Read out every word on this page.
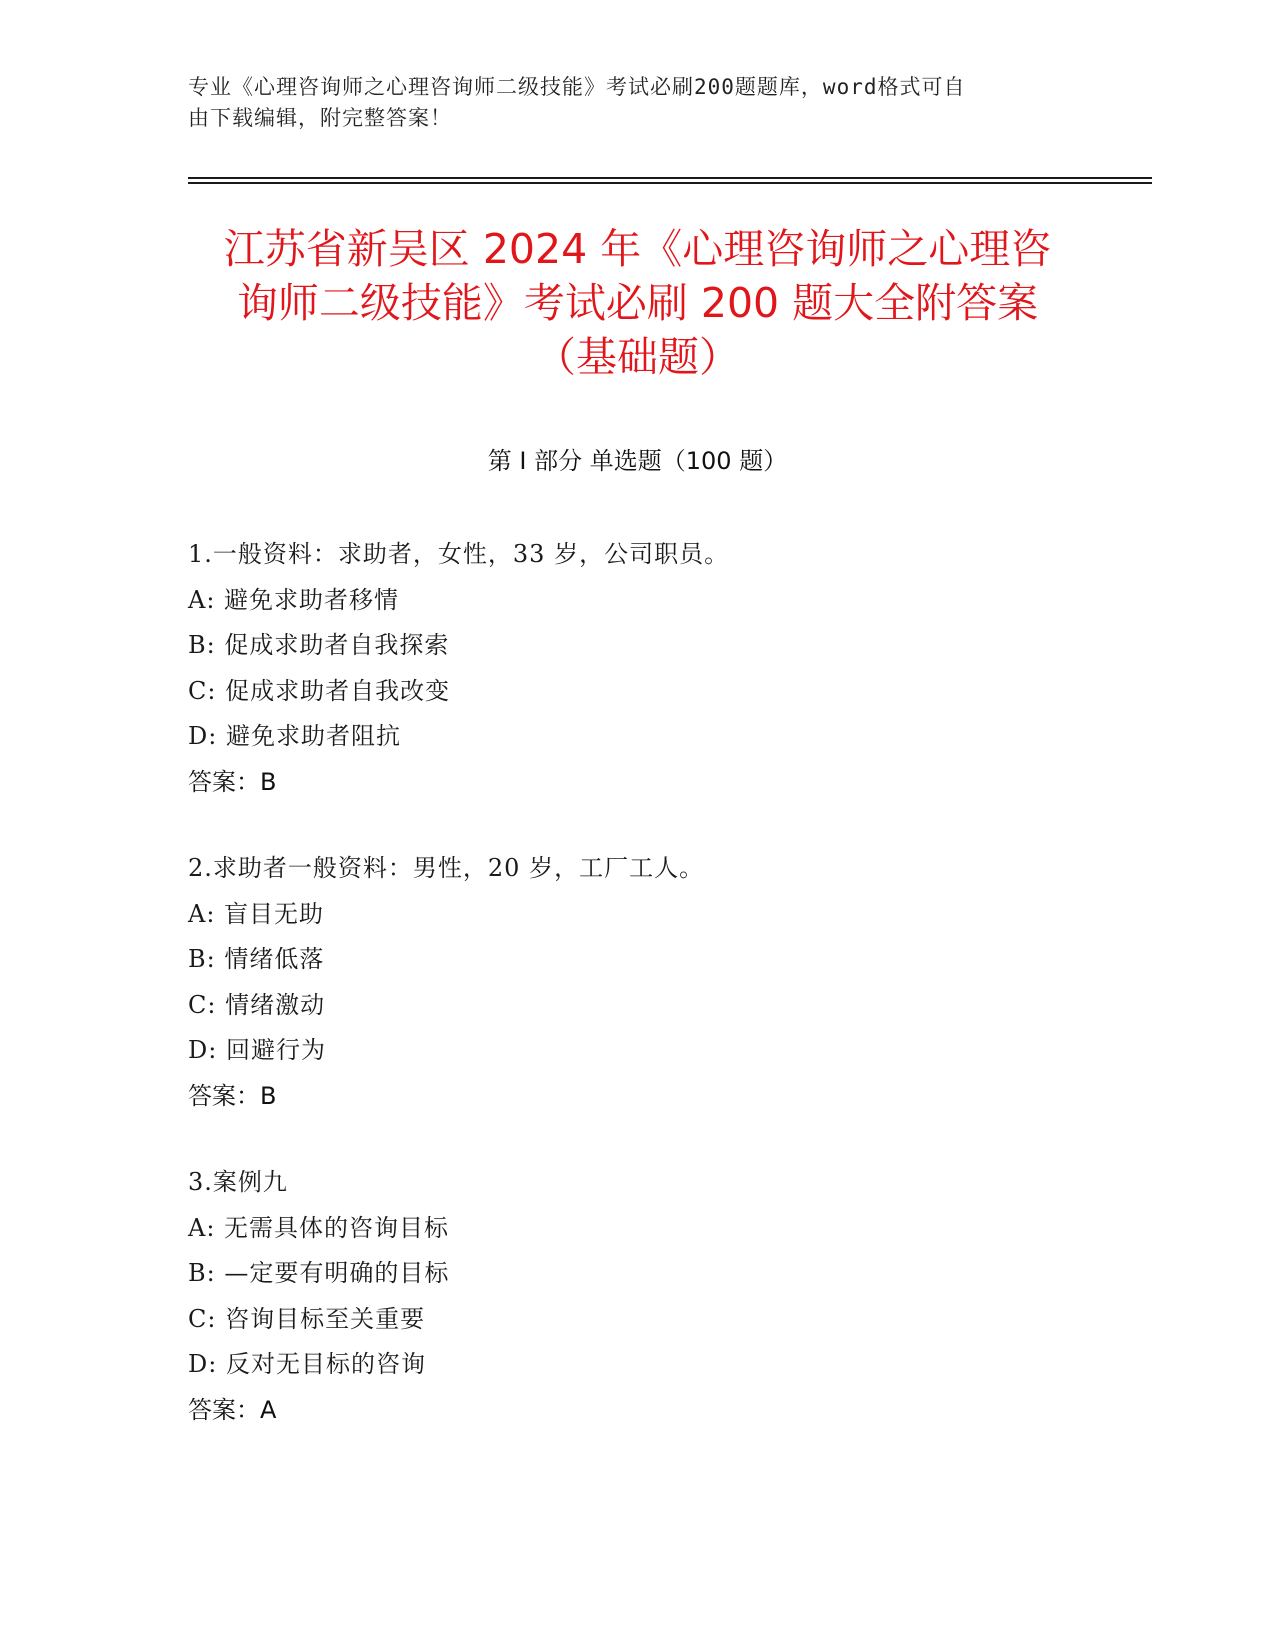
专业《心理咨询师之心理咨询师二级技能》考试必刷200题题库，word格式可自
由下载编辑，附完整答案！
江苏省新吴区 2024 年《心理咨询师之心理咨
询师二级技能》考试必刷 200 题大全附答案
（基础题）
第 I 部分 单选题（100 题）
1.一般资料：求助者，女性，33 岁，公司职员。
A: 避免求助者移情
B: 促成求助者自我探索
C: 促成求助者自我改变
D: 避免求助者阻抗
答案：B
2.求助者一般资料：男性，20 岁，工厂工人。
A: 盲目无助
B: 情绪低落
C: 情绪激动
D: 回避行为
答案：B
3.案例九
A: 无需具体的咨询目标
B: —定要有明确的目标
C: 咨询目标至关重要
D: 反对无目标的咨询
答案：A
